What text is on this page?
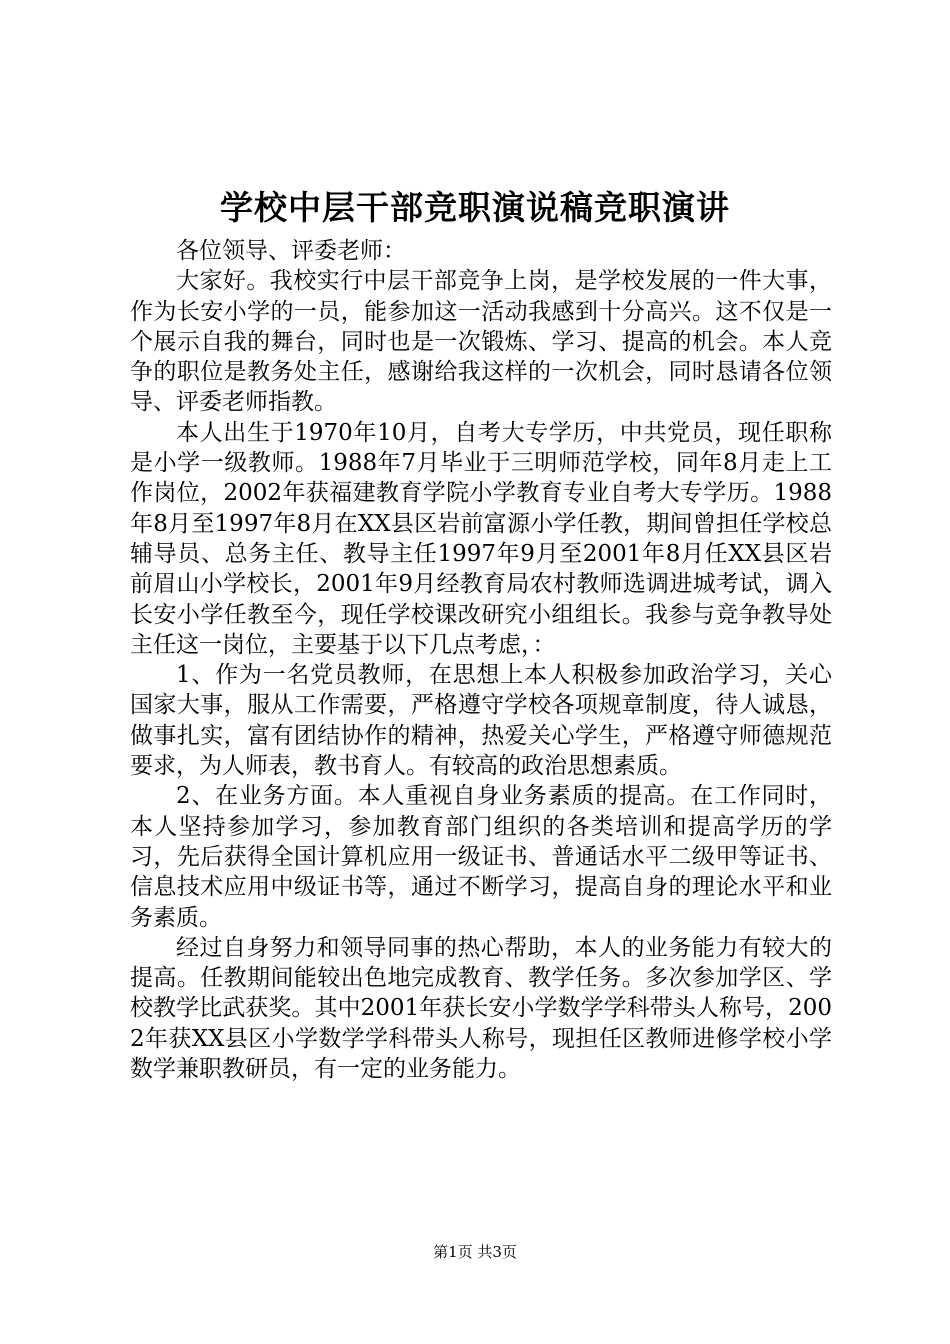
学校中层干部竞职演说稿竞职演讲

各位领导、评委老师：

大家好。我校实行中层干部竞争上岗，是学校发展的一件大事，作为长安小学的一员，能参加这一活动我感到十分高兴。这不仅是一个展示自我的舞台，同时也是一次锻炼、学习、提高的机会。本人竞争的职位是教务处主任，感谢给我这样的一次机会，同时恳请各位领导、评委老师指教。

本人出生于1970年10月，自考大专学历，中共党员，现任职称是小学一级教师。1988年7月毕业于三明师范学校，同年8月走上工作岗位，2002年获福建教育学院小学教育专业自考大专学历。1988年8月至1997年8月在XX县区岩前富源小学任教，期间曾担任学校总辅导员、总务主任、教导主任1997年9月至2001年8月任XX县区岩前眉山小学校长，2001年9月经教育局农村教师选调进城考试，调入长安小学任教至今，现任学校课改研究小组组长。我参与竞争教导处主任这一岗位，主要基于以下几点考虑，：

1、作为一名党员教师，在思想上本人积极参加政治学习，关心国家大事，服从工作需要，严格遵守学校各项规章制度，待人诚恳，做事扎实，富有团结协作的精神，热爱关心学生，严格遵守师德规范要求，为人师表，教书育人。有较高的政治思想素质。

2、在业务方面。本人重视自身业务素质的提高。在工作同时，本人坚持参加学习，参加教育部门组织的各类培训和提高学历的学习，先后获得全国计算机应用一级证书、普通话水平二级甲等证书、信息技术应用中级证书等，通过不断学习，提高自身的理论水平和业务素质。

经过自身努力和领导同事的热心帮助，本人的业务能力有较大的提高。任教期间能较出色地完成教育、教学任务。多次参加学区、学校教学比武获奖。其中2001年获长安小学数学学科带头人称号，2002年获XX县区小学数学学科带头人称号，现担任区教师进修学校小学数学兼职教研员，有一定的业务能力。

第1页 共3页
